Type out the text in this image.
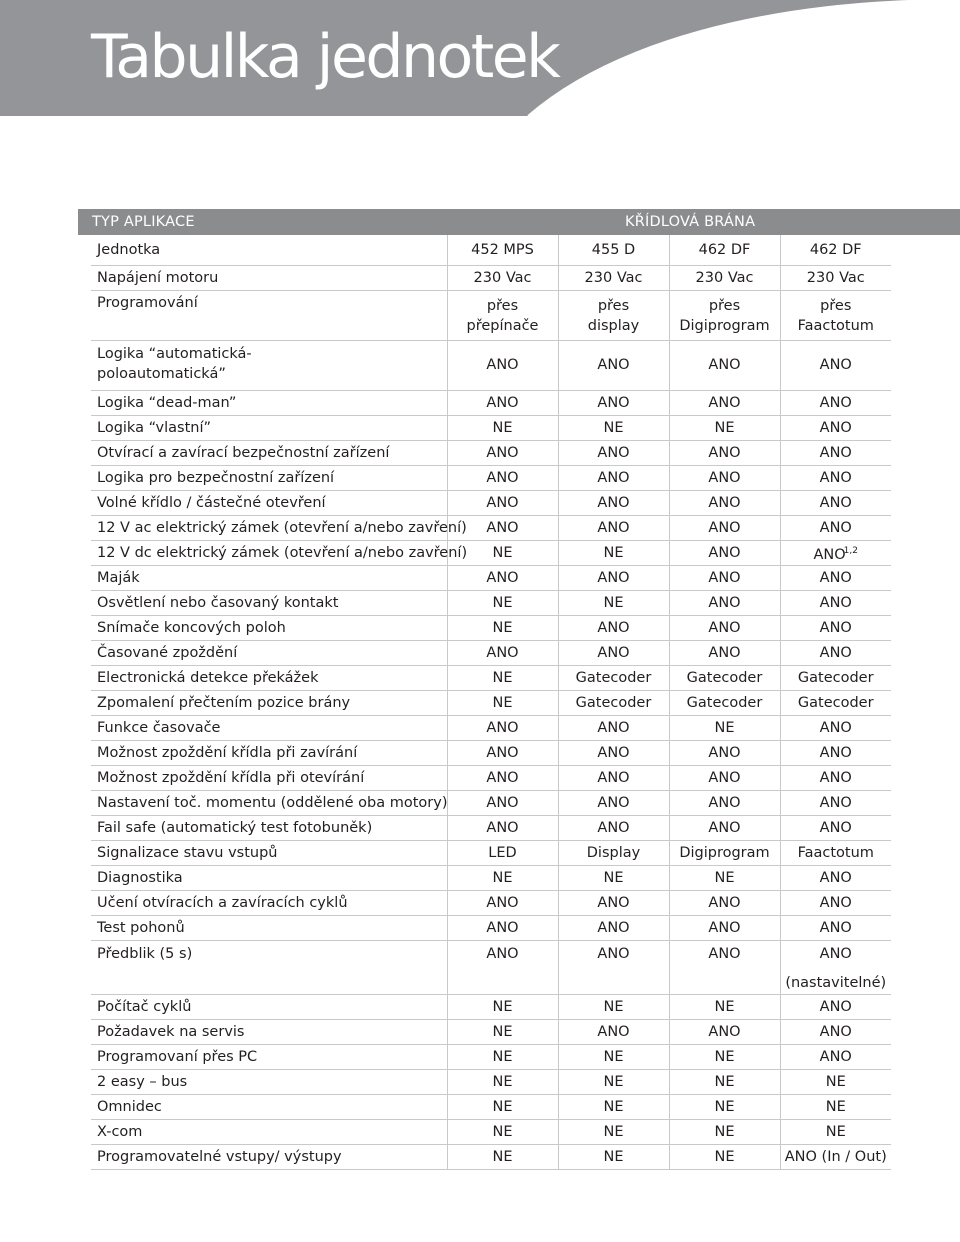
Tabulka jednotek
TYP APLIKACE	KŘÍDLOVÁ BRÁNA
Jednotka	452 MPS	455 D	462 DF	462 DF
Napájení motoru	230 Vac	230 Vac	230 Vac	230 Vac
Programování	přes přepínače	přes display	přes Digiprogram	přes Faactotum

Logika “automatická-poloautomatická”	ANO	ANO	ANO	ANO
Logika “dead-man”	ANO	ANO	ANO	ANO
Logika “vlastní”	NE	NE	NE	ANO
Otvírací a zavírací bezpečnostní zařízení	ANO	ANO	ANO	ANO
Logika pro bezpečnostní zařízení	ANO	ANO	ANO	ANO
Volné křídlo / částečné otevření	ANO	ANO	ANO	ANO
12 V ac elektrický zámek (otevření a/nebo zavření)	ANO	ANO	ANO	ANO
12 V dc elektrický zámek (otevření a/nebo zavření)	NE	NE	ANO	ANO$^{1,2}$
Maják	ANO	ANO	ANO	ANO
Osvětlení nebo časovaný kontakt	NE	NE	ANO	ANO
Snímače koncových poloh	NE	ANO	ANO	ANO
Časované zpoždění	ANO	ANO	ANO	ANO
Electronická detekce překážek	NE	Gatecoder	Gatecoder	Gatecoder
Zpomalení přečtením pozice brány	NE	Gatecoder	Gatecoder	Gatecoder
Funkce časovače	ANO	ANO	NE	ANO
Možnost zpoždění křídla při zavírání	ANO	ANO	ANO	ANO
Možnost zpoždění křídla při otevírání	ANO	ANO	ANO	ANO
Nastavení toč. momentu (oddělené oba motory)	ANO	ANO	ANO	ANO
Fail safe (automatický test fotobuněk)	ANO	ANO	ANO	ANO
Signalizace stavu vstupů	LED	Display	Digiprogram	Faactotum
Diagnostika	NE	NE	NE	ANO
Učení otvíracích a zavíracích cyklů	ANO	ANO	ANO	ANO
Test pohonů	ANO	ANO	ANO	ANO
Předblik (5 s)	ANO	ANO	ANO	ANO
(nastavitelné)

Počítač cyklů	NE	NE	NE	ANO
Požadavek na servis	NE	ANO	ANO	ANO
Programovaní přes PC	NE	NE	NE	ANO
2 easy – bus	NE	NE	NE	NE
Omnidec	NE	NE	NE	NE
X-com	NE	NE	NE	NE
Programovatelné vstupy/ výstupy	NE	NE	NE	ANO (In / Out)
